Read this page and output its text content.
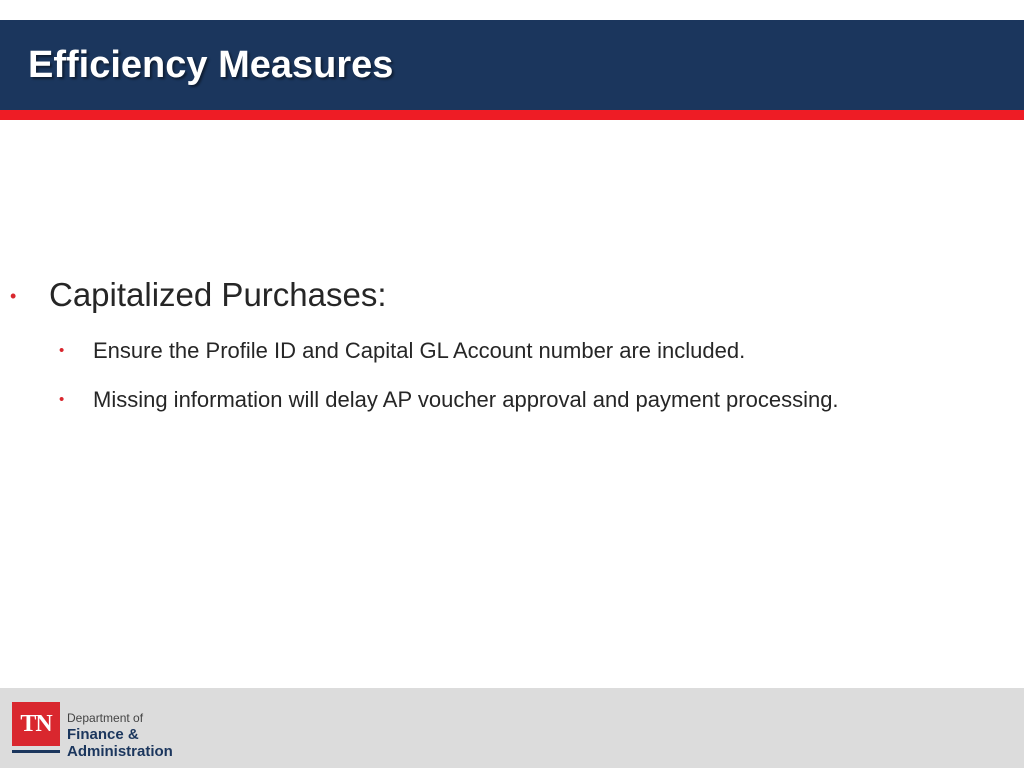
Efficiency Measures
• Capitalized Purchases:
• Ensure the Profile ID and Capital GL Account number are included.
• Missing information will delay AP voucher approval and payment processing.
TN	Department of
Finance &
Administration
